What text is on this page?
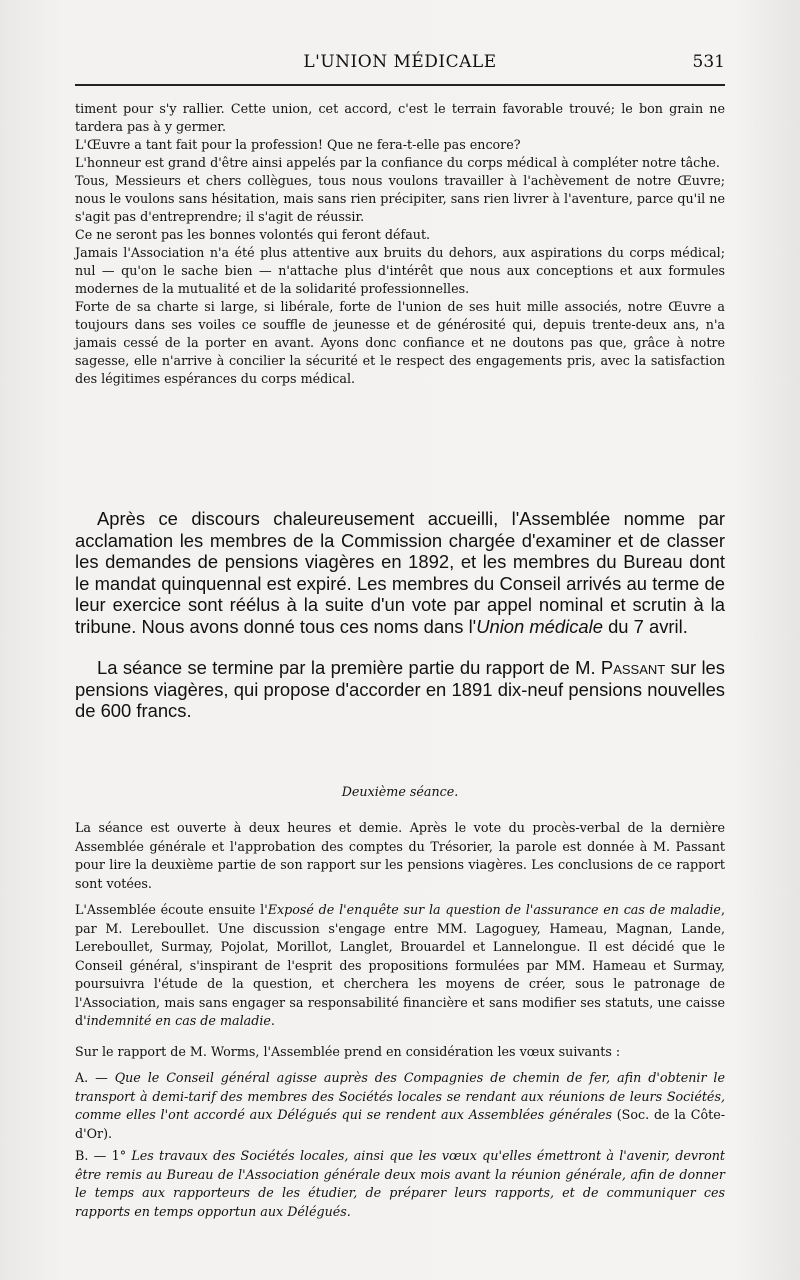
L'UNION MÉDICALE	531

timent pour s'y rallier. Cette union, cet accord, c'est le terrain favorable trouvé; le bon grain ne tardera pas à y germer.

L'Œuvre a tant fait pour la profession! Que ne fera-t-elle pas encore?

L'honneur est grand d'être ainsi appelés par la confiance du corps médical à compléter notre tâche.

Tous, Messieurs et chers collègues, tous nous voulons travailler à l'achèvement de notre Œuvre; nous le voulons sans hésitation, mais sans rien précipiter, sans rien livrer à l'aventure, parce qu'il ne s'agit pas d'entreprendre; il s'agit de réussir.

Ce ne seront pas les bonnes volontés qui feront défaut.

Jamais l'Association n'a été plus attentive aux bruits du dehors, aux aspirations du corps médical; nul — qu'on le sache bien — n'attache plus d'intérêt que nous aux conceptions et aux formules modernes de la mutualité et de la solidarité professionnelles.

Forte de sa charte si large, si libérale, forte de l'union de ses huit mille associés, notre Œuvre a toujours dans ses voiles ce souffle de jeunesse et de générosité qui, depuis trente-deux ans, n'a jamais cessé de la porter en avant. Ayons donc confiance et ne doutons pas que, grâce à notre sagesse, elle n'arrive à concilier la sécurité et le respect des engagements pris, avec la satisfaction des légitimes espérances du corps médical.

Après ce discours chaleureusement accueilli, l'Assemblée nomme par acclamation les membres de la Commission chargée d'examiner et de classer les demandes de pensions viagères en 1892, et les membres du Bureau dont le mandat quinquennal est expiré. Les membres du Conseil arrivés au terme de leur exercice sont réélus à la suite d'un vote par appel nominal et scrutin à la tribune. Nous avons donné tous ces noms dans l'Union médicale du 7 avril.

La séance se termine par la première partie du rapport de M. Passant sur les pensions viagères, qui propose d'accorder en 1891 dix-neuf pensions nouvelles de 600 francs.

Deuxième séance.

La séance est ouverte à deux heures et demie. Après le vote du procès-verbal de la dernière Assemblée générale et l'approbation des comptes du Trésorier, la parole est donnée à M. Passant pour lire la deuxième partie de son rapport sur les pensions viagères. Les conclusions de ce rapport sont votées.

L'Assemblée écoute ensuite l'Exposé de l'enquête sur la question de l'assurance en cas de maladie, par M. Lereboullet. Une discussion s'engage entre MM. Lagoguey, Hameau, Magnan, Lande, Lereboullet, Surmay, Pojolat, Morillot, Langlet, Brouardel et Lannelongue. Il est décidé que le Conseil général, s'inspirant de l'esprit des propositions formulées par MM. Hameau et Surmay, poursuivra l'étude de la question, et cherchera les moyens de créer, sous le patronage de l'Association, mais sans engager sa responsabilité financière et sans modifier ses statuts, une caisse d'indemnité en cas de maladie.

Sur le rapport de M. Worms, l'Assemblée prend en considération les vœux suivants :

A. — Que le Conseil général agisse auprès des Compagnies de chemin de fer, afin d'obtenir le transport à demi-tarif des membres des Sociétés locales se rendant aux réunions de leurs Sociétés, comme elles l'ont accordé aux Délégués qui se rendent aux Assemblées générales (Soc. de la Côte-d'Or).

B. — 1° Les travaux des Sociétés locales, ainsi que les vœux qu'elles émettront à l'avenir, devront être remis au Bureau de l'Association générale deux mois avant la réunion générale, afin de donner le temps aux rapporteurs de les étudier, de préparer leurs rapports, et de communiquer ces rapports en temps opportun aux Délégués.
